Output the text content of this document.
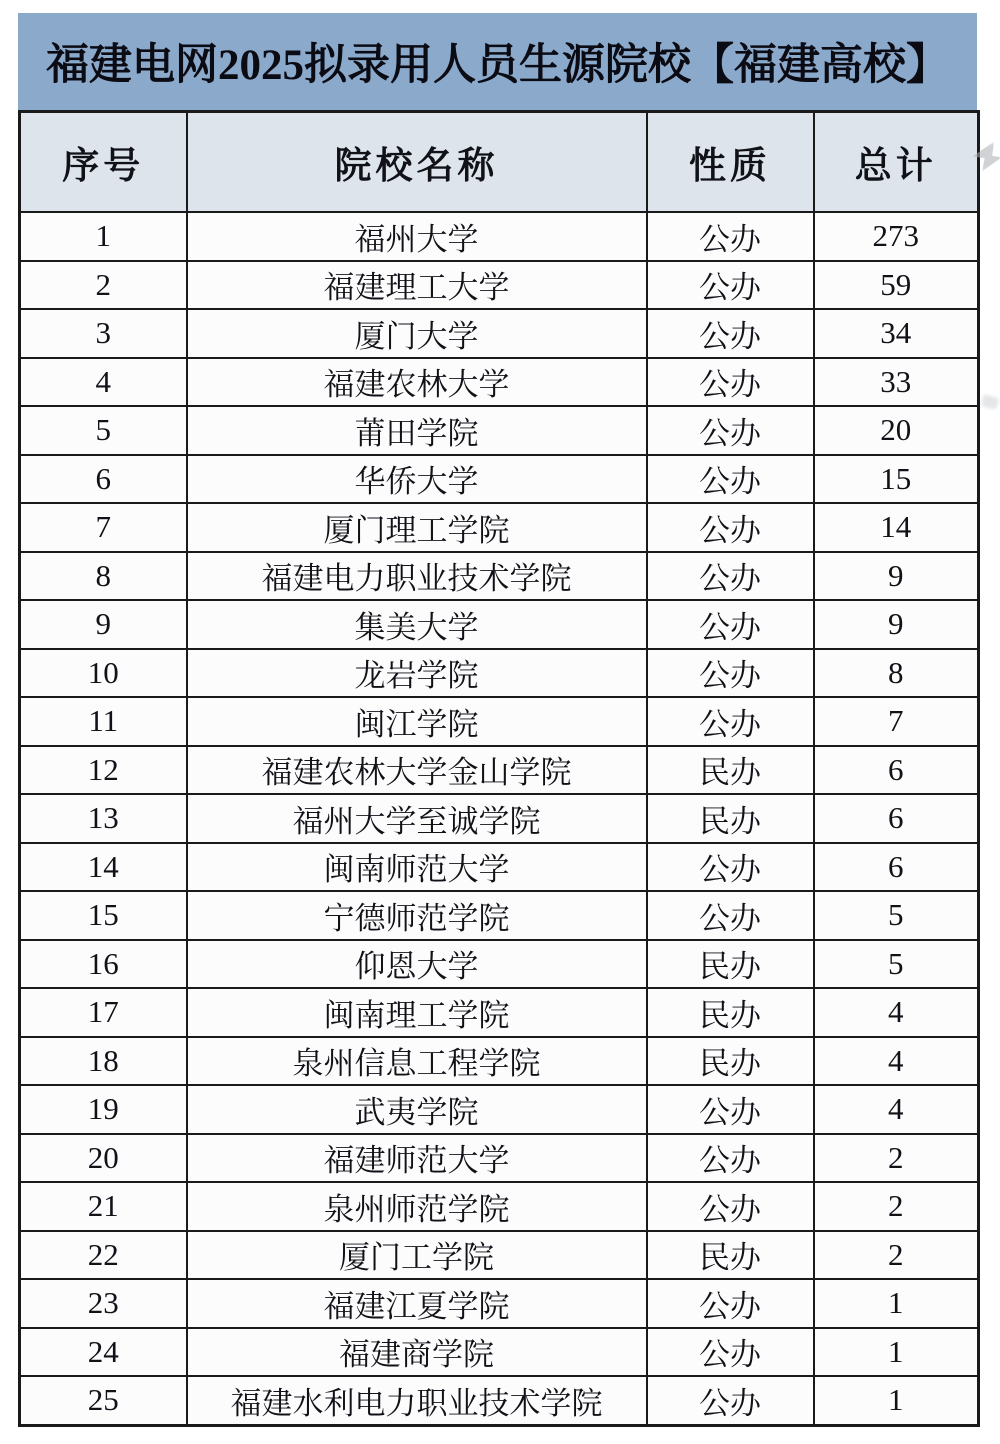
福建电网2025拟录用人员生源院校【福建高校】
序号	院校名称	性质	总计
1	福州大学	公办	273
2	福建理工大学	公办	59
3	厦门大学	公办	34
4	福建农林大学	公办	33
5	莆田学院	公办	20
6	华侨大学	公办	15
7	厦门理工学院	公办	14
8	福建电力职业技术学院	公办	9
9	集美大学	公办	9
10	龙岩学院	公办	8
11	闽江学院	公办	7
12	福建农林大学金山学院	民办	6
13	福州大学至诚学院	民办	6
14	闽南师范大学	公办	6
15	宁德师范学院	公办	5
16	仰恩大学	民办	5
17	闽南理工学院	民办	4
18	泉州信息工程学院	民办	4
19	武夷学院	公办	4
20	福建师范大学	公办	2
21	泉州师范学院	公办	2
22	厦门工学院	民办	2
23	福建江夏学院	公办	1
24	福建商学院	公办	1
25	福建水利电力职业技术学院	公办	1
